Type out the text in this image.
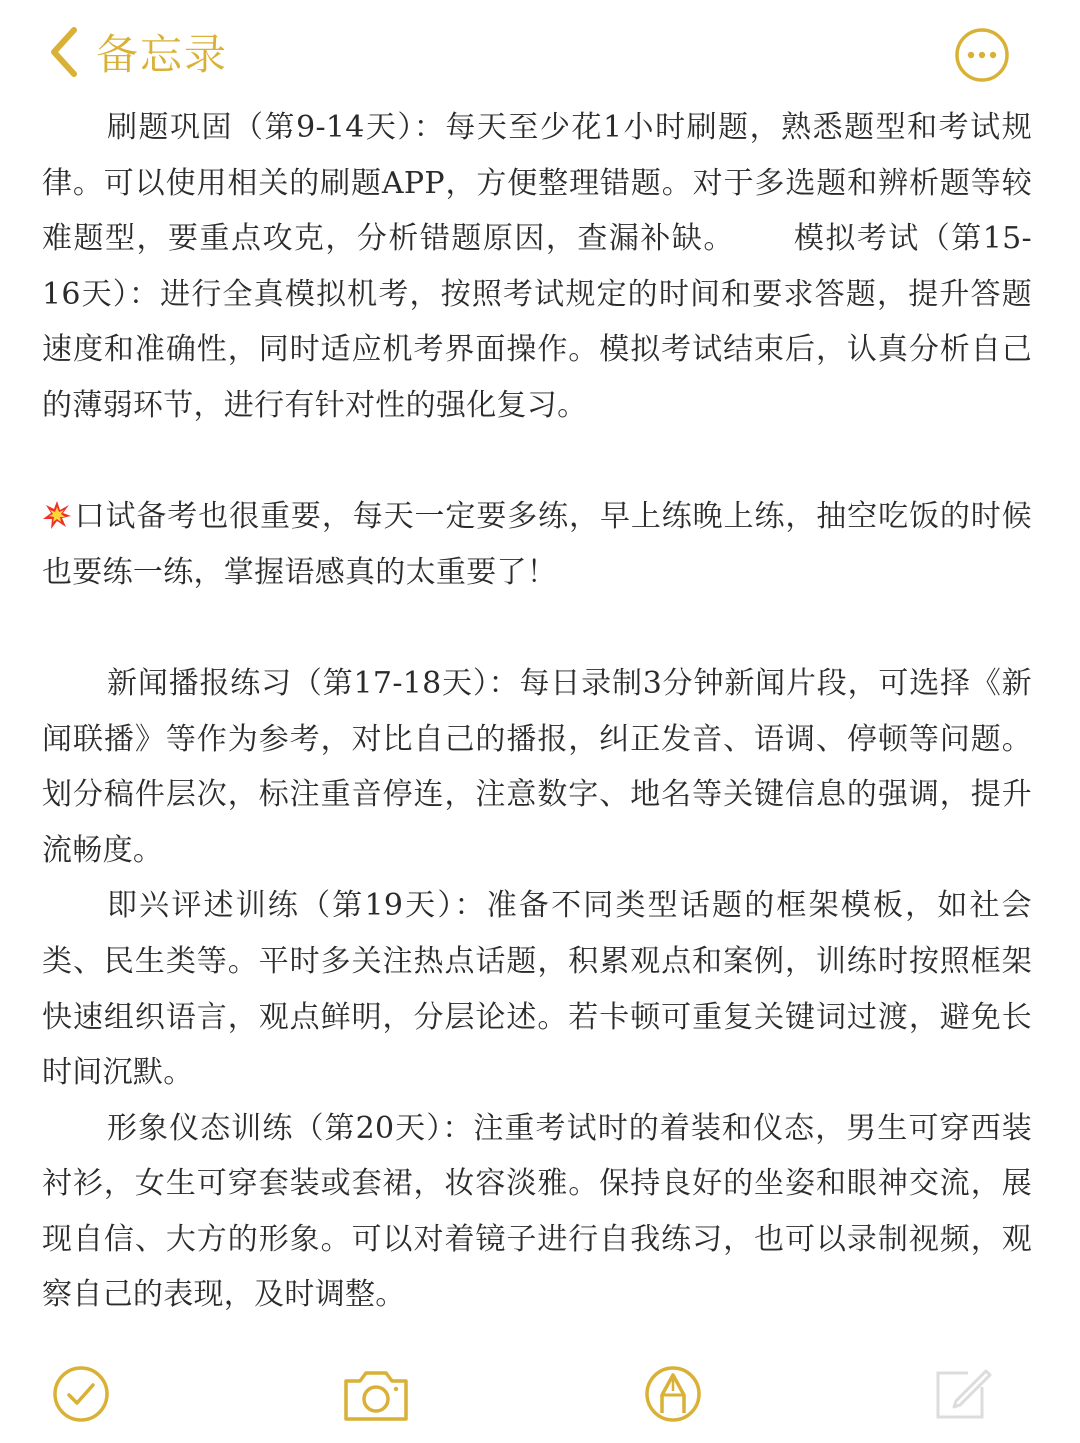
备忘录

刷题巩固（第9-14天）：每天至少花1小时刷题，熟悉题型和考试规律。可以使用相关的刷题APP，方便整理错题。对于多选题和辨析题等较难题型，要重点攻克，分析错题原因，查漏补缺。　　 模拟考试（第15-16天）：进行全真模拟机考，按照考试规定的时间和要求答题，提升答题速度和准确性，同时适应机考界面操作。模拟考试结束后，认真分析自己的薄弱环节，进行有针对性的强化复习。

口试备考也很重要，每天一定要多练，早上练晚上练，抽空吃饭的时候也要练一练，掌握语感真的太重要了！

新闻播报练习（第17-18天）：每日录制3分钟新闻片段，可选择《新闻联播》等作为参考，对比自己的播报，纠正发音、语调、停顿等问题。划分稿件层次，标注重音停连，注意数字、地名等关键信息的强调，提升流畅度。

即兴评述训练（第19天）：准备不同类型话题的框架模板，如社会类、民生类等。平时多关注热点话题，积累观点和案例，训练时按照框架快速组织语言，观点鲜明，分层论述。若卡顿可重复关键词过渡，避免长时间沉默。

形象仪态训练（第20天）：注重考试时的着装和仪态，男生可穿西装衬衫，女生可穿套装或套裙，妆容淡雅。保持良好的坐姿和眼神交流，展现自信、大方的形象。可以对着镜子进行自我练习，也可以录制视频，观察自己的表现，及时调整。
